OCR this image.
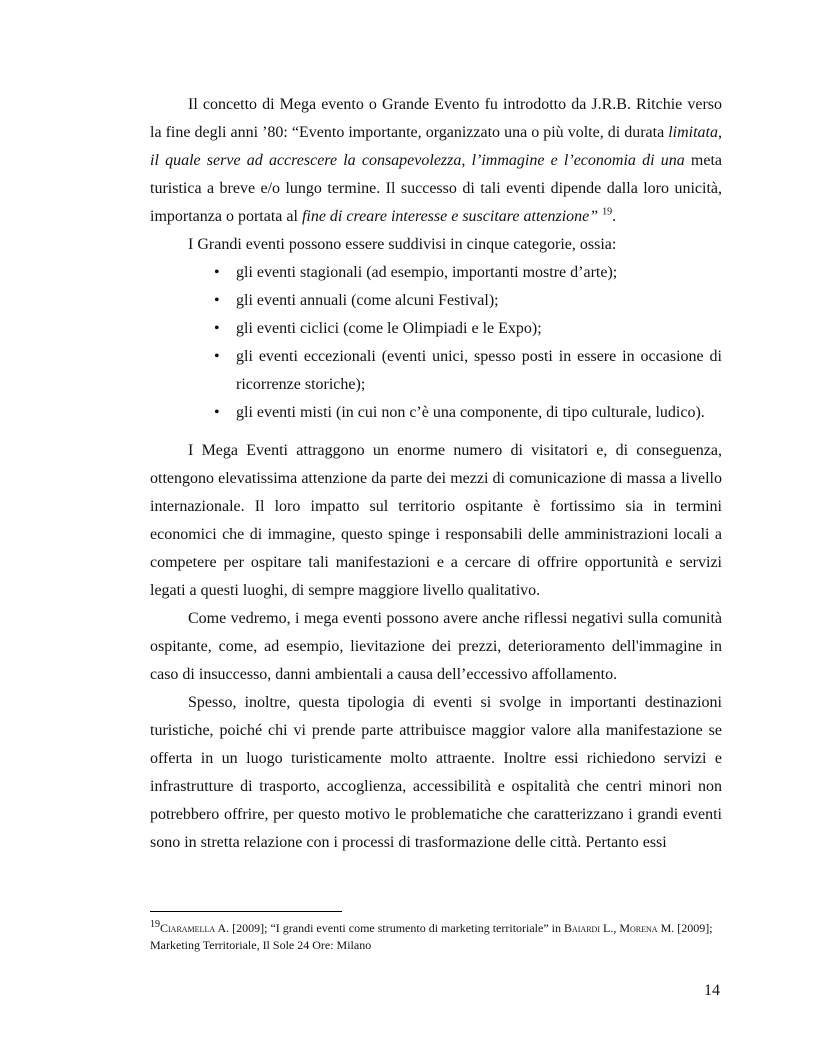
Il concetto di Mega evento o Grande Evento fu introdotto da J.R.B. Ritchie verso la fine degli anni ’80: “Evento importante, organizzato una o più volte, di durata limitata, il quale serve ad accrescere la consapevolezza, l’immagine e l’economia di una meta turistica a breve e/o lungo termine. Il successo di tali eventi dipende dalla loro unicità, importanza o portata al fine di creare interesse e suscitare attenzione” $^{19}$.

I Grandi eventi possono essere suddivisi in cinque categorie, ossia:

• gli eventi stagionali (ad esempio, importanti mostre d’arte);
• gli eventi annuali (come alcuni Festival);
• gli eventi ciclici (come le Olimpiadi e le Expo);
• gli eventi eccezionali (eventi unici, spesso posti in essere in occasione di ricorrenze storiche);
• gli eventi misti (in cui non c’è una componente, di tipo culturale, ludico).

I Mega Eventi attraggono un enorme numero di visitatori e, di conseguenza, ottengono elevatissima attenzione da parte dei mezzi di comunicazione di massa a livello internazionale. Il loro impatto sul territorio ospitante è fortissimo sia in termini economici che di immagine, questo spinge i responsabili delle amministrazioni locali a competere per ospitare tali manifestazioni e a cercare di offrire opportunità e servizi legati a questi luoghi, di sempre maggiore livello qualitativo.

Come vedremo, i mega eventi possono avere anche riflessi negativi sulla comunità ospitante, come, ad esempio, lievitazione dei prezzi, deterioramento dell'immagine in caso di insuccesso, danni ambientali a causa dell’eccessivo affollamento.

Spesso, inoltre, questa tipologia di eventi si svolge in importanti destinazioni turistiche, poiché chi vi prende parte attribuisce maggior valore alla manifestazione se offerta in un luogo turisticamente molto attraente. Inoltre essi richiedono servizi e infrastrutture di trasporto, accoglienza, accessibilità e ospitalità che centri minori non potrebbero offrire, per questo motivo le problematiche che caratterizzano i grandi eventi sono in stretta relazione con i processi di trasformazione delle città. Pertanto essi

$^{19}$Ciaramella A. [2009]; “I grandi eventi come strumento di marketing territoriale” in Baiardi L., Morena M. [2009]; Marketing Territoriale, Il Sole 24 Ore: Milano
14
